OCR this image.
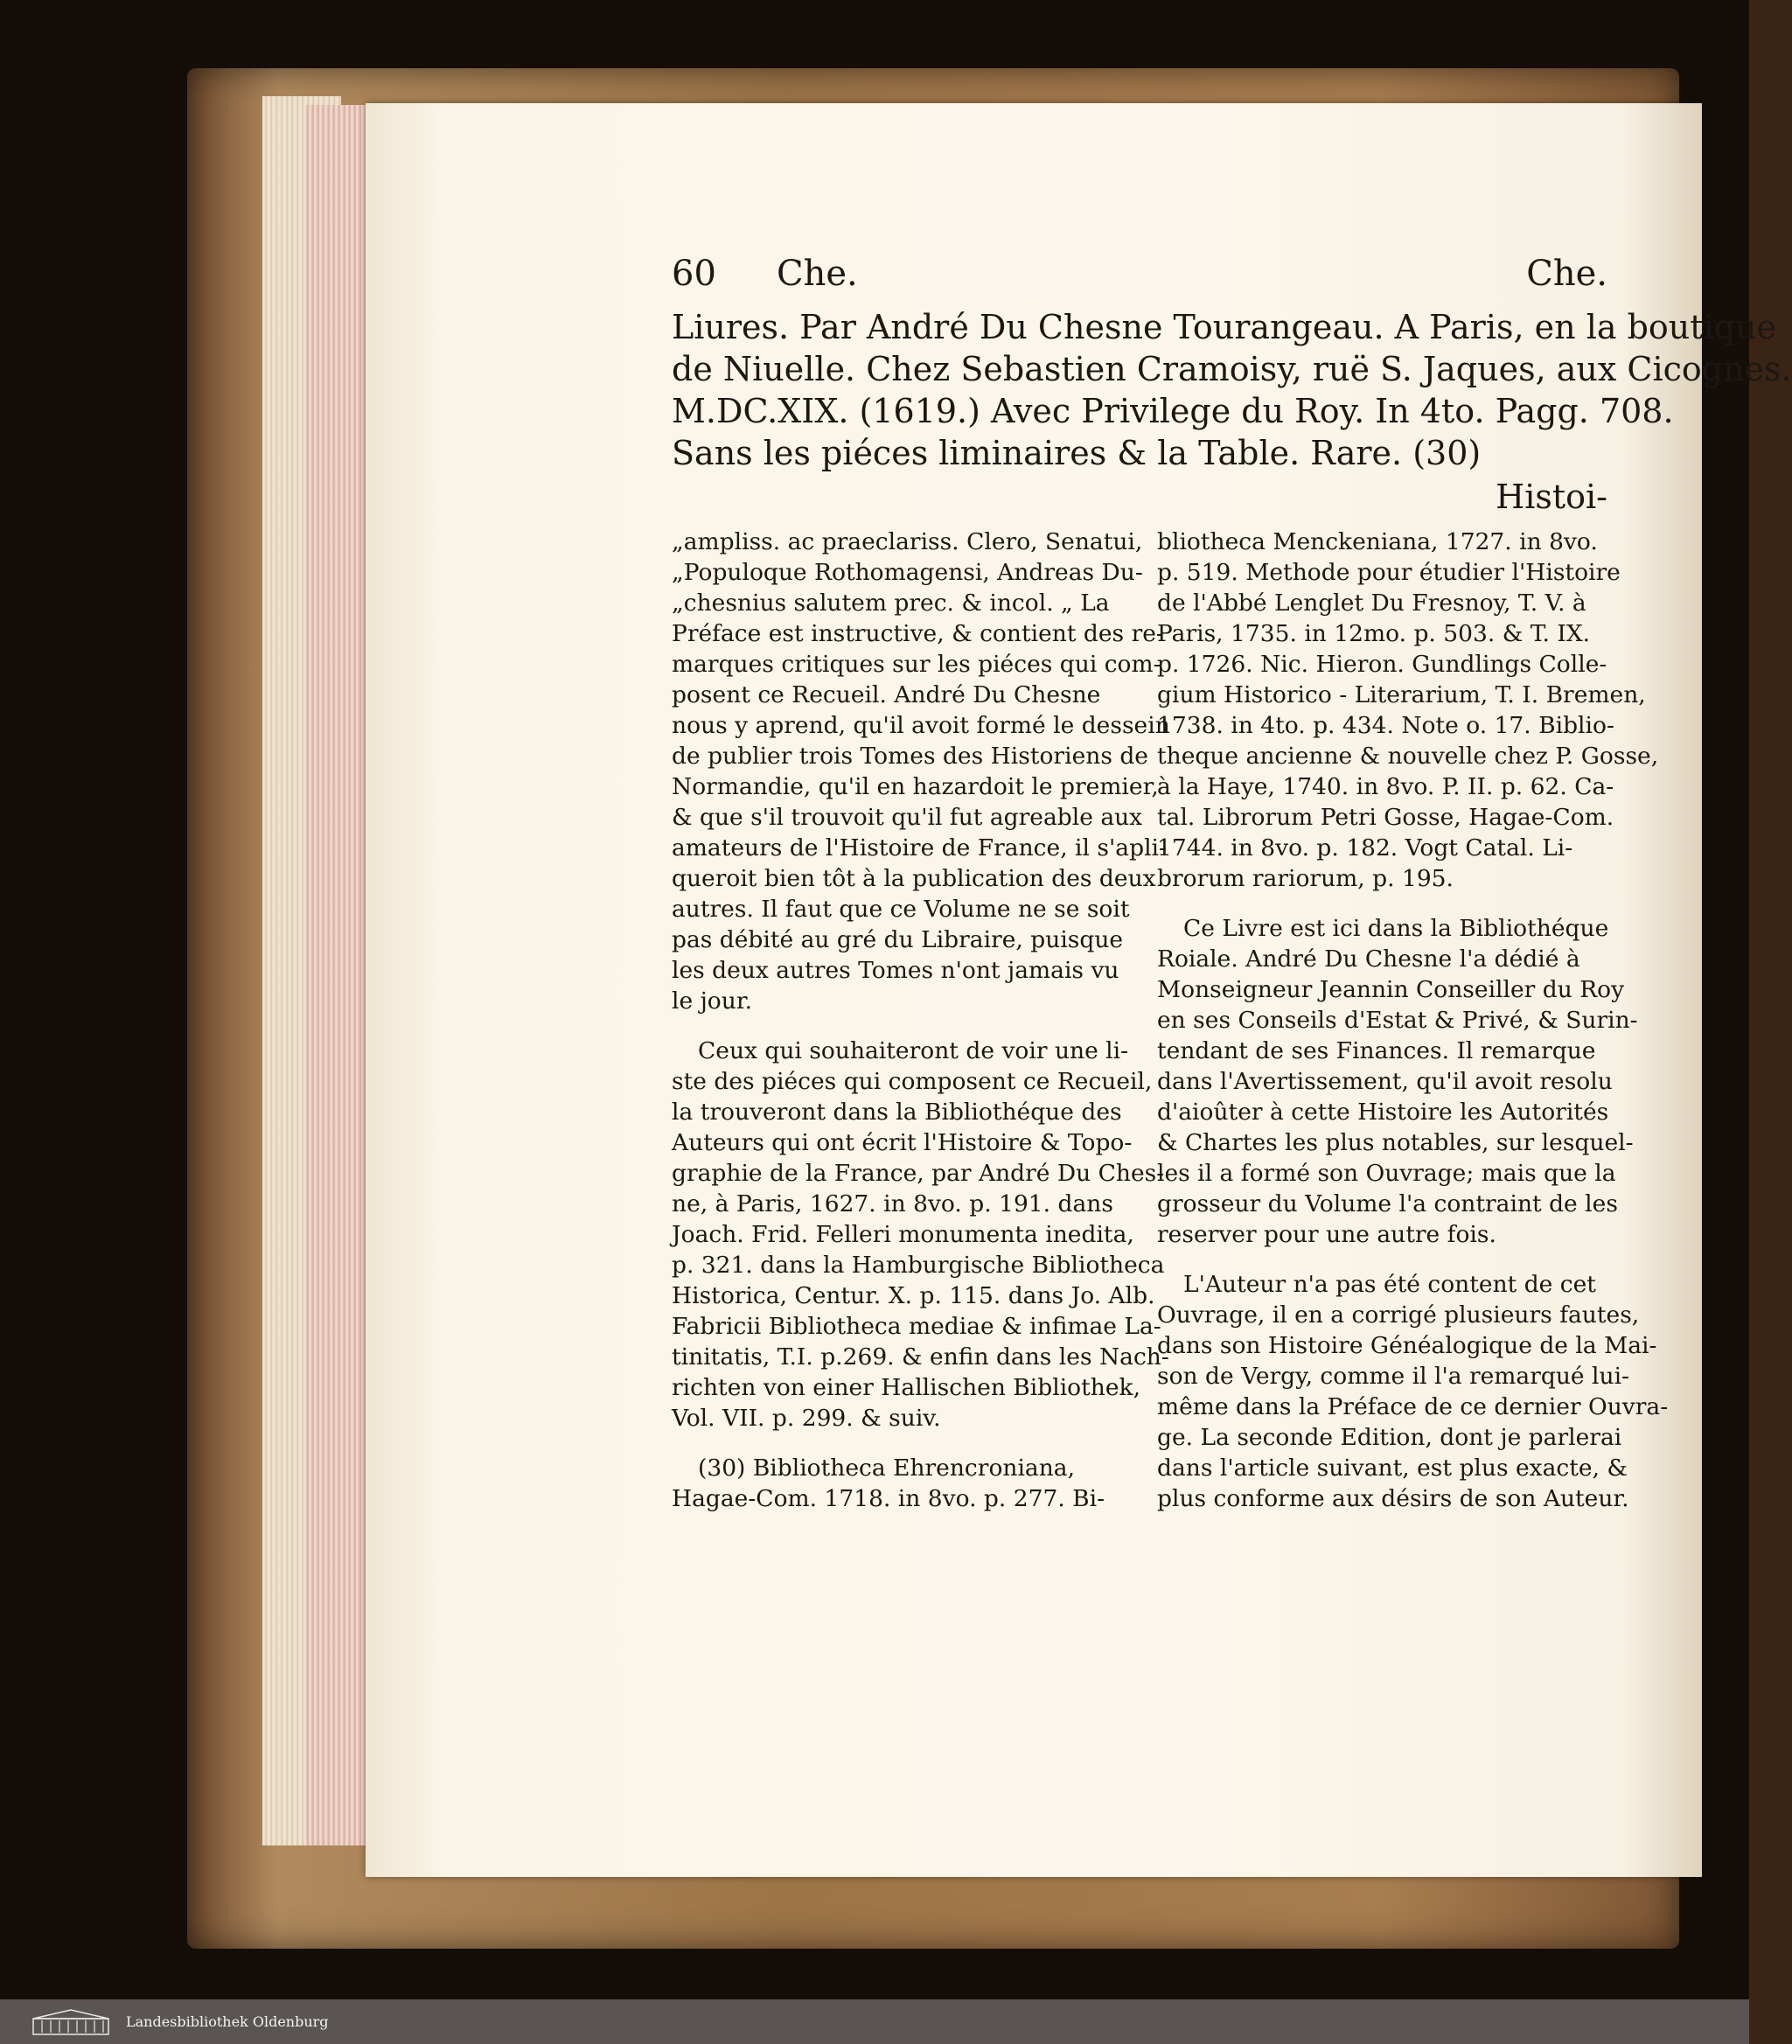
60	Che.	Che.
Liures. Par André Du Chesne Tourangeau. A Paris, en la boutique
de Niuelle. Chez Sebastien Cramoisy, ruë S. Jaques, aux Cicognes.
M.DC.XIX. (1619.) Avec Privilege du Roy. In 4to. Pagg. 708.
Sans les piéces liminaires & la Table. Rare. (30)
Histoi-
„ampliss. ac praeclariss. Clero, Senatui,
„Populoque Rothomagensi, Andreas Du-
„chesnius salutem prec. & incol. „ La
Préface est instructive, & contient des re-
marques critiques sur les piéces qui com-
posent ce Recueil. André Du Chesne
nous y aprend, qu'il avoit formé le dessein
de publier trois Tomes des Historiens de
Normandie, qu'il en hazardoit le premier,
& que s'il trouvoit qu'il fut agreable aux
amateurs de l'Histoire de France, il s'apli-
queroit bien tôt à la publication des deux
autres. Il faut que ce Volume ne se soit
pas débité au gré du Libraire, puisque
les deux autres Tomes n'ont jamais vu
le jour.
Ceux qui souhaiteront de voir une li-
ste des piéces qui composent ce Recueil,
la trouveront dans la Bibliothéque des
Auteurs qui ont écrit l'Histoire & Topo-
graphie de la France, par André Du Ches-
ne, à Paris, 1627. in 8vo. p. 191. dans
Joach. Frid. Felleri monumenta inedita,
p. 321. dans la Hamburgische Bibliotheca
Historica, Centur. X. p. 115. dans Jo. Alb.
Fabricii Bibliotheca mediae & infimae La-
tinitatis, T.I. p.269. & enfin dans les Nach-
richten von einer Hallischen Bibliothek,
Vol. VII. p. 299. & suiv.
(30) Bibliotheca Ehrencroniana,
Hagae-Com. 1718. in 8vo. p. 277. Bi-
bliotheca Menckeniana, 1727. in 8vo.
p. 519. Methode pour étudier l'Histoire
de l'Abbé Lenglet Du Fresnoy, T. V. à
Paris, 1735. in 12mo. p. 503. & T. IX.
p. 1726. Nic. Hieron. Gundlings Colle-
gium Historico - Literarium, T. I. Bremen,
1738. in 4to. p. 434. Note o. 17. Biblio-
theque ancienne & nouvelle chez P. Gosse,
à la Haye, 1740. in 8vo. P. II. p. 62. Ca-
tal. Librorum Petri Gosse, Hagae-Com.
1744. in 8vo. p. 182. Vogt Catal. Li-
brorum rariorum, p. 195.
Ce Livre est ici dans la Bibliothéque
Roiale. André Du Chesne l'a dédié à
Monseigneur Jeannin Conseiller du Roy
en ses Conseils d'Estat & Privé, & Surin-
tendant de ses Finances. Il remarque
dans l'Avertissement, qu'il avoit resolu
d'aioûter à cette Histoire les Autorités
& Chartes les plus notables, sur lesquel-
les il a formé son Ouvrage; mais que la
grosseur du Volume l'a contraint de les
reserver pour une autre fois.
L'Auteur n'a pas été content de cet
Ouvrage, il en a corrigé plusieurs fautes,
dans son Histoire Généalogique de la Mai-
son de Vergy, comme il l'a remarqué lui-
même dans la Préface de ce dernier Ouvra-
ge. La seconde Edition, dont je parlerai
dans l'article suivant, est plus exacte, &
plus conforme aux désirs de son Auteur.
Landesbibliothek Oldenburg
